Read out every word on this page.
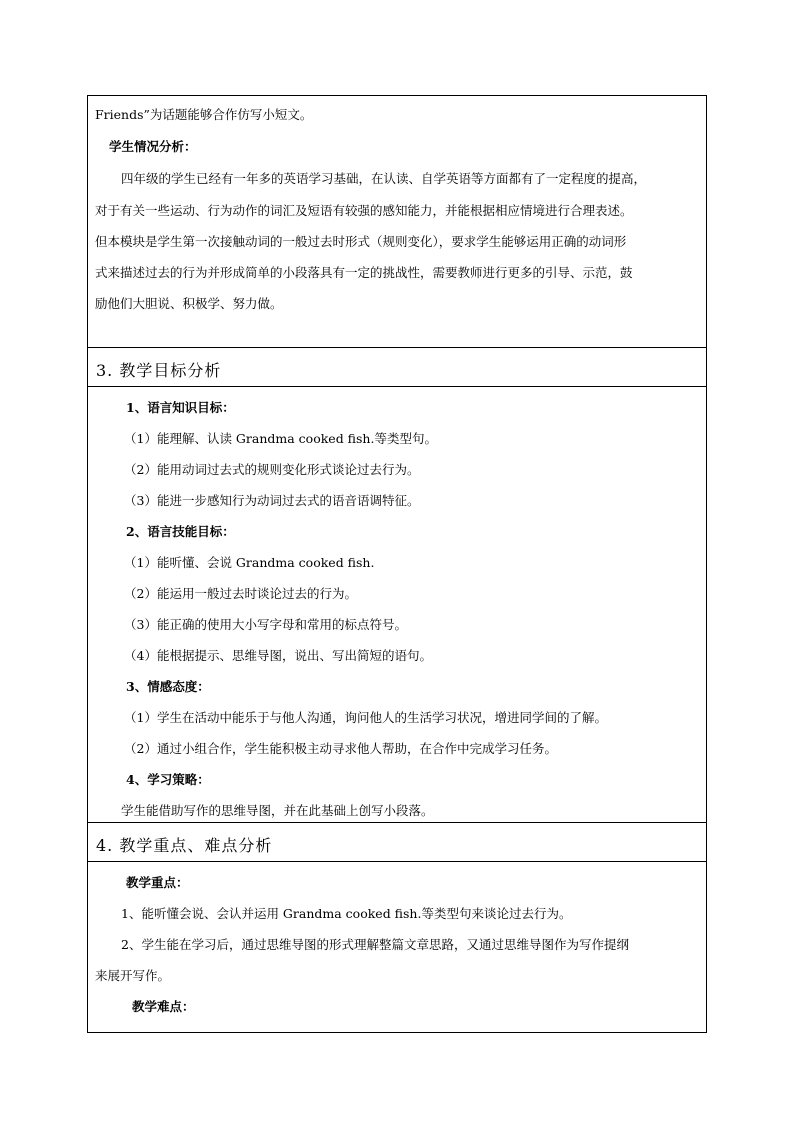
Friends”为话题能够合作仿写小短文。
学生情况分析：
四年级的学生已经有一年多的英语学习基础，在认读、自学英语等方面都有了一定程度的提高，
对于有关一些运动、行为动作的词汇及短语有较强的感知能力，并能根据相应情境进行合理表述。
但本模块是学生第一次接触动词的一般过去时形式（规则变化），要求学生能够运用正确的动词形
式来描述过去的行为并形成简单的小段落具有一定的挑战性，需要教师进行更多的引导、示范，鼓
励他们大胆说、积极学、努力做。
3. 教学目标分析
1、语言知识目标：
（1）能理解、认读 Grandma cooked fish.等类型句。
（2）能用动词过去式的规则变化形式谈论过去行为。
（3）能进一步感知行为动词过去式的语音语调特征。
2、语言技能目标：
（1）能听懂、会说 Grandma cooked fish.
（2）能运用一般过去时谈论过去的行为。
（3）能正确的使用大小写字母和常用的标点符号。
（4）能根据提示、思维导图，说出、写出简短的语句。
3、情感态度：
（1）学生在活动中能乐于与他人沟通，询问他人的生活学习状况，增进同学间的了解。
（2）通过小组合作，学生能积极主动寻求他人帮助，在合作中完成学习任务。
4、学习策略：
学生能借助写作的思维导图，并在此基础上创写小段落。
4. 教学重点、难点分析
教学重点：
1、能听懂会说、会认并运用 Grandma cooked fish.等类型句来谈论过去行为。
2、学生能在学习后，通过思维导图的形式理解整篇文章思路，又通过思维导图作为写作提纲
来展开写作。
教学难点：
